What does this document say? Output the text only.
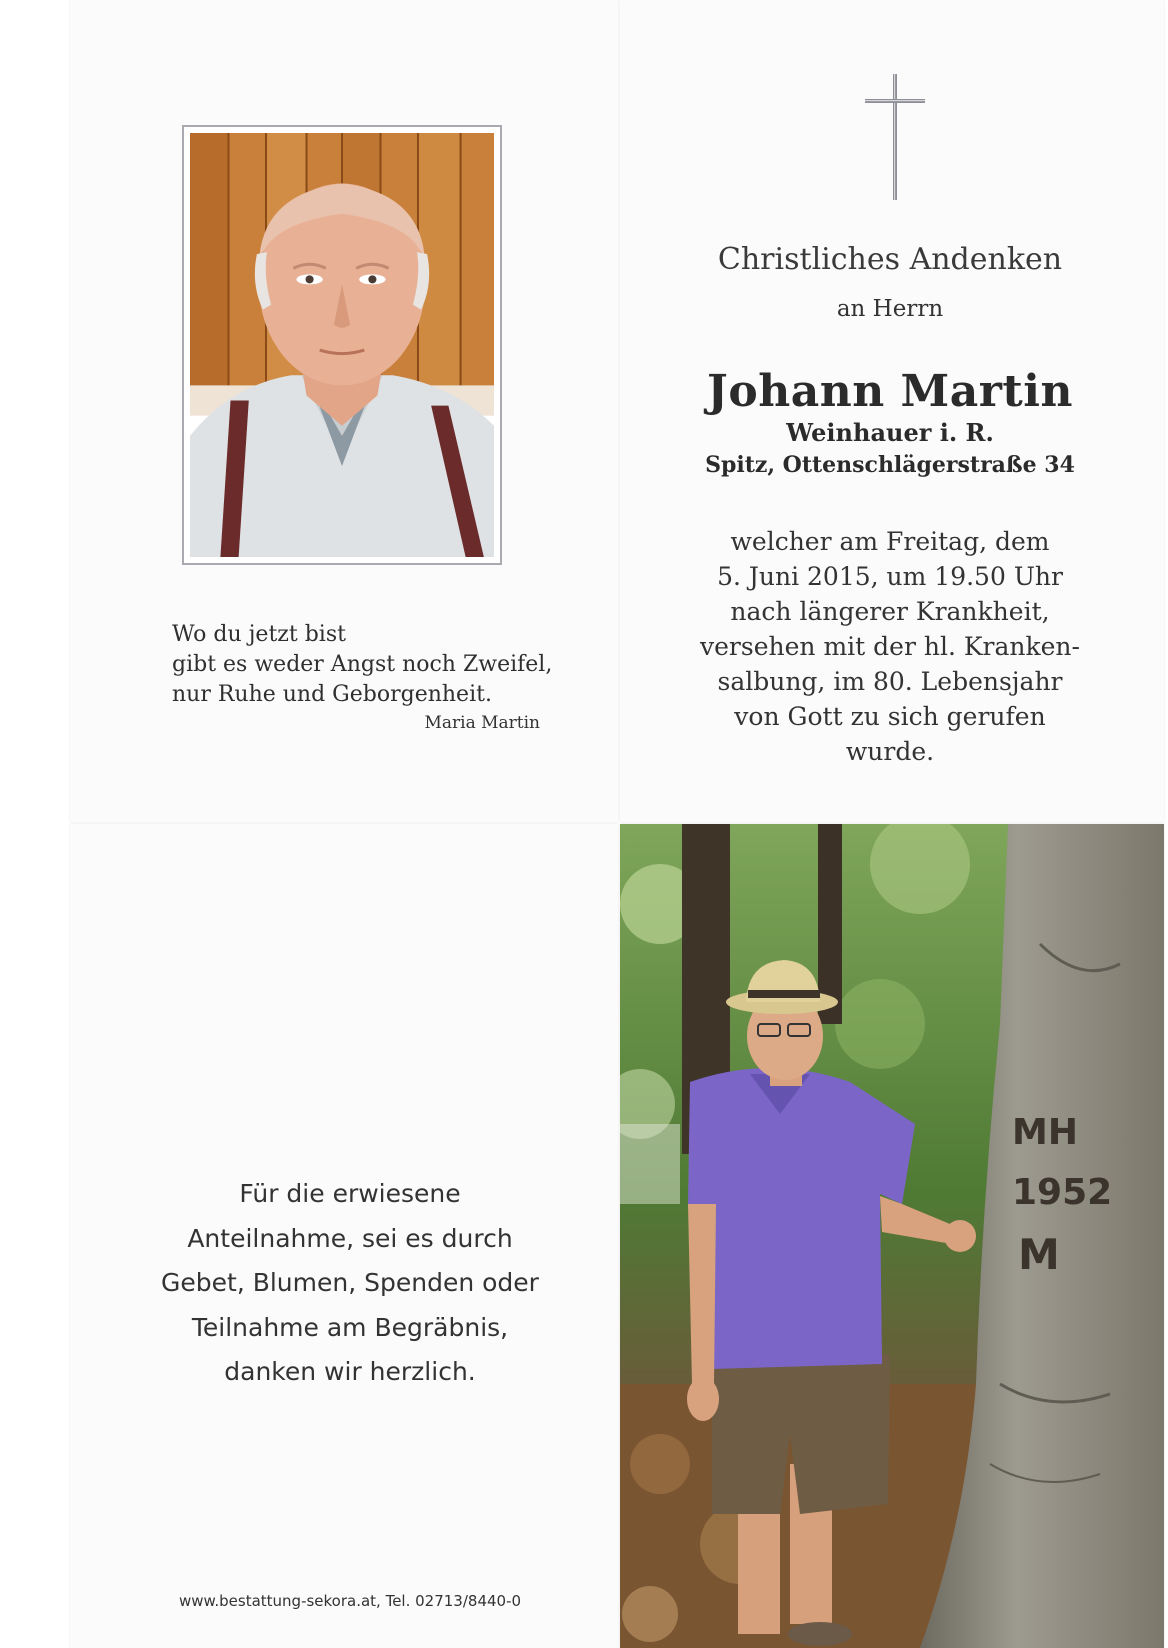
Wo du jetzt bist
gibt es weder Angst noch Zweifel,
nur Ruhe und Geborgenheit.
Maria Martin
Christliches Andenken
an Herrn
Johann Martin
Weinhauer i. R.
Spitz, Ottenschlägerstraße 34
welcher am Freitag, dem
5. Juni 2015, um 19.50 Uhr
nach längerer Krankheit,
versehen mit der hl. Kranken-
salbung, im 80. Lebensjahr
von Gott zu sich gerufen
wurde.
Für die erwiesene
Anteilnahme, sei es durch
Gebet, Blumen, Spenden oder
Teilnahme am Begräbnis,
danken wir herzlich.
www.bestattung-sekora.at, Tel. 02713/8440-0
MH
1952
M
